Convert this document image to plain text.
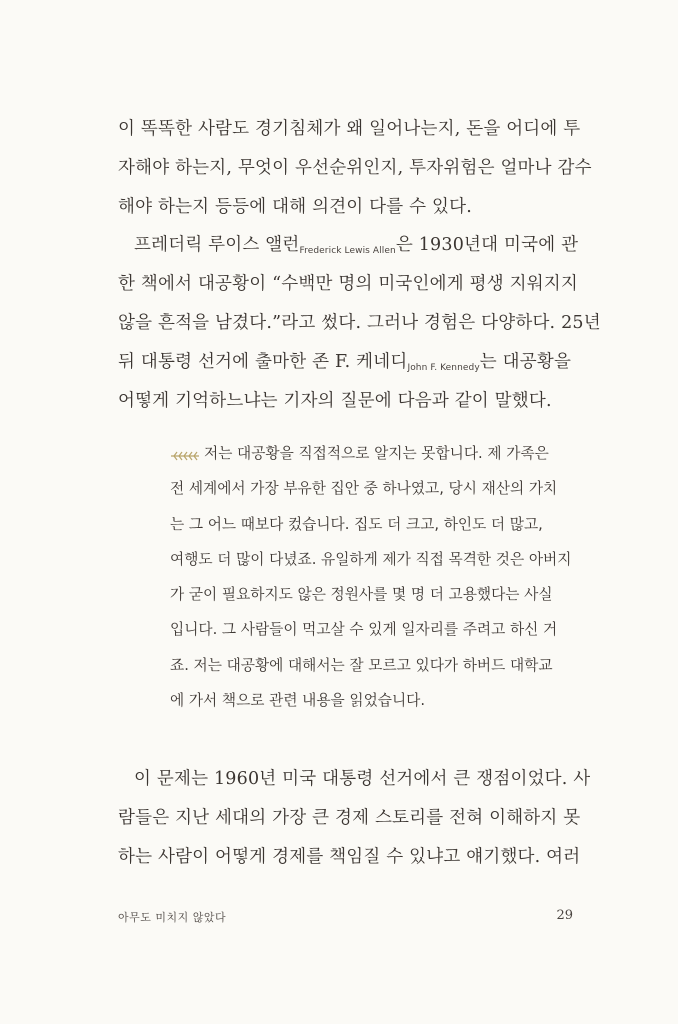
이 똑똑한 사람도 경기침체가 왜 일어나는지, 돈을 어디에 투
자해야 하는지, 무엇이 우선순위인지, 투자위험은 얼마나 감수
해야 하는지 등등에 대해 의견이 다를 수 있다.
프레더릭 루이스 앨런Frederick Lewis Allen은 1930년대 미국에 관
한 책에서 대공황이 “수백만 명의 미국인에게 평생 지워지지
않을 흔적을 남겼다.”라고 썼다. 그러나 경험은 다양하다. 25년
뒤 대통령 선거에 출마한 존 F. 케네디John F. Kennedy는 대공황을
어떻게 기억하느냐는 기자의 질문에 다음과 같이 말했다.
저는 대공황을 직접적으로 알지는 못합니다. 제 가족은
전 세계에서 가장 부유한 집안 중 하나였고, 당시 재산의 가치
는 그 어느 때보다 컸습니다. 집도 더 크고, 하인도 더 많고,
여행도 더 많이 다녔죠. 유일하게 제가 직접 목격한 것은 아버지
가 굳이 필요하지도 않은 정원사를 몇 명 더 고용했다는 사실
입니다. 그 사람들이 먹고살 수 있게 일자리를 주려고 하신 거
죠. 저는 대공황에 대해서는 잘 모르고 있다가 하버드 대학교
에 가서 책으로 관련 내용을 읽었습니다.
이 문제는 1960년 미국 대통령 선거에서 큰 쟁점이었다. 사
람들은 지난 세대의 가장 큰 경제 스토리를 전혀 이해하지 못
하는 사람이 어떻게 경제를 책임질 수 있냐고 얘기했다. 여러
아무도 미치지 않았다	29
